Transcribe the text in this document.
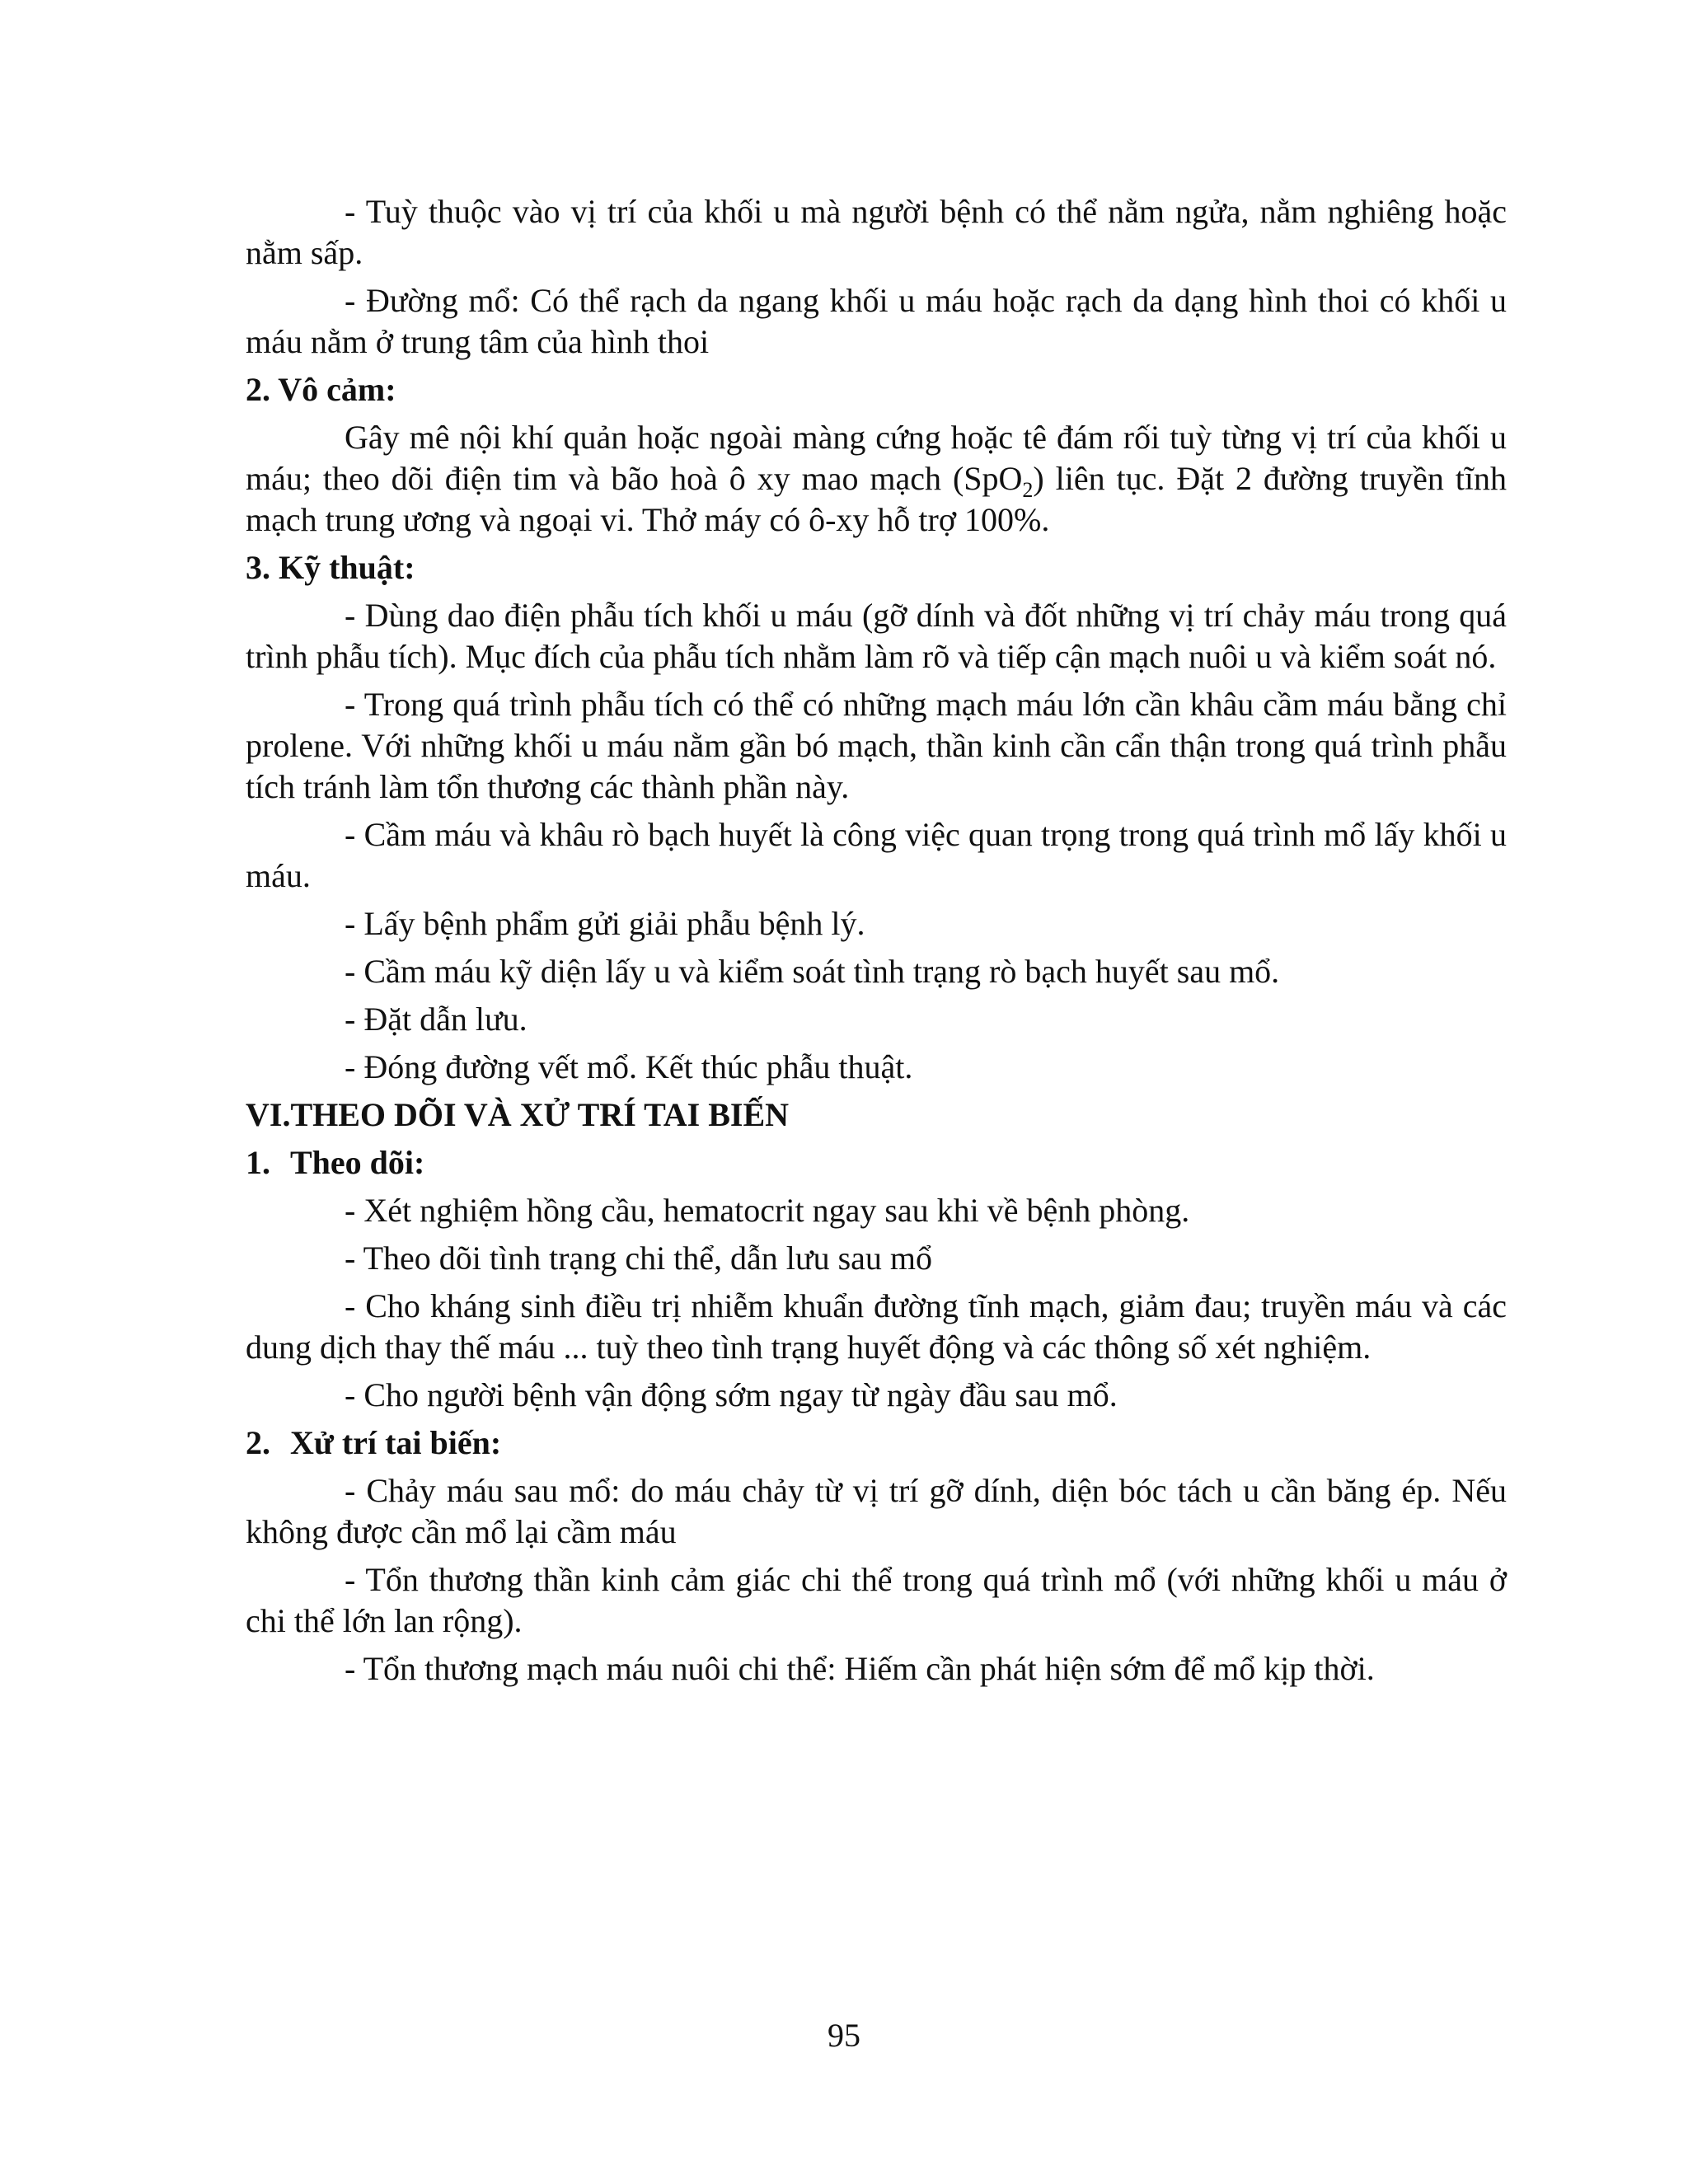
- Tuỳ thuộc vào vị trí của khối u mà người bệnh có thể nằm ngửa, nằm nghiêng hoặc nằm sấp.

- Đường mổ: Có thể rạch da ngang khối u máu hoặc rạch da dạng hình thoi có khối u máu nằm ở trung tâm của hình thoi

2. Vô cảm:

Gây mê nội khí quản hoặc ngoài màng cứng hoặc tê đám rối tuỳ từng vị trí của khối u máu; theo dõi điện tim và bão hoà ô xy mao mạch (SpO$_2$) liên tục. Đặt 2 đường truyền tĩnh mạch trung ương và ngoại vi. Thở máy có ô-xy hỗ trợ 100%.

3. Kỹ thuật:

- Dùng dao điện phẫu tích khối u máu (gỡ dính và đốt những vị trí chảy máu trong quá trình phẫu tích). Mục đích của phẫu tích nhằm làm rõ và tiếp cận mạch nuôi u và kiểm soát nó.

- Trong quá trình phẫu tích có thể có những mạch máu lớn cần khâu cầm máu bằng chỉ prolene. Với những khối u máu nằm gần bó mạch, thần kinh cần cẩn thận trong quá trình phẫu tích tránh làm tổn thương các thành phần này.

- Cầm máu và khâu rò bạch huyết là công việc quan trọng trong quá trình mổ lấy khối u máu.

- Lấy bệnh phẩm gửi giải phẫu bệnh lý.

- Cầm máu kỹ diện lấy u và kiểm soát tình trạng rò bạch huyết sau mổ.

- Đặt dẫn lưu.

- Đóng đường vết mổ. Kết thúc phẫu thuật.

VI.THEO DÕI VÀ XỬ TRÍ TAI BIẾN
1. Theo dõi:

- Xét nghiệm hồng cầu, hematocrit ngay sau khi về bệnh phòng.

- Theo dõi tình trạng chi thể, dẫn lưu sau mổ

- Cho kháng sinh điều trị nhiễm khuẩn đường tĩnh mạch, giảm đau; truyền máu và các dung dịch thay thế máu ... tuỳ theo tình trạng huyết động và các thông số xét nghiệm.

- Cho người bệnh vận động sớm ngay từ ngày đầu sau mổ.

2. Xử trí tai biến:

- Chảy máu sau mổ: do máu chảy từ vị trí gỡ dính, diện bóc tách u cần băng ép. Nếu không được cần mổ lại cầm máu

- Tổn thương thần kinh cảm giác chi thể trong quá trình mổ (với những khối u máu ở chi thể lớn lan rộng).

- Tổn thương mạch máu nuôi chi thể: Hiếm cần phát hiện sớm để mổ kịp thời.

95
